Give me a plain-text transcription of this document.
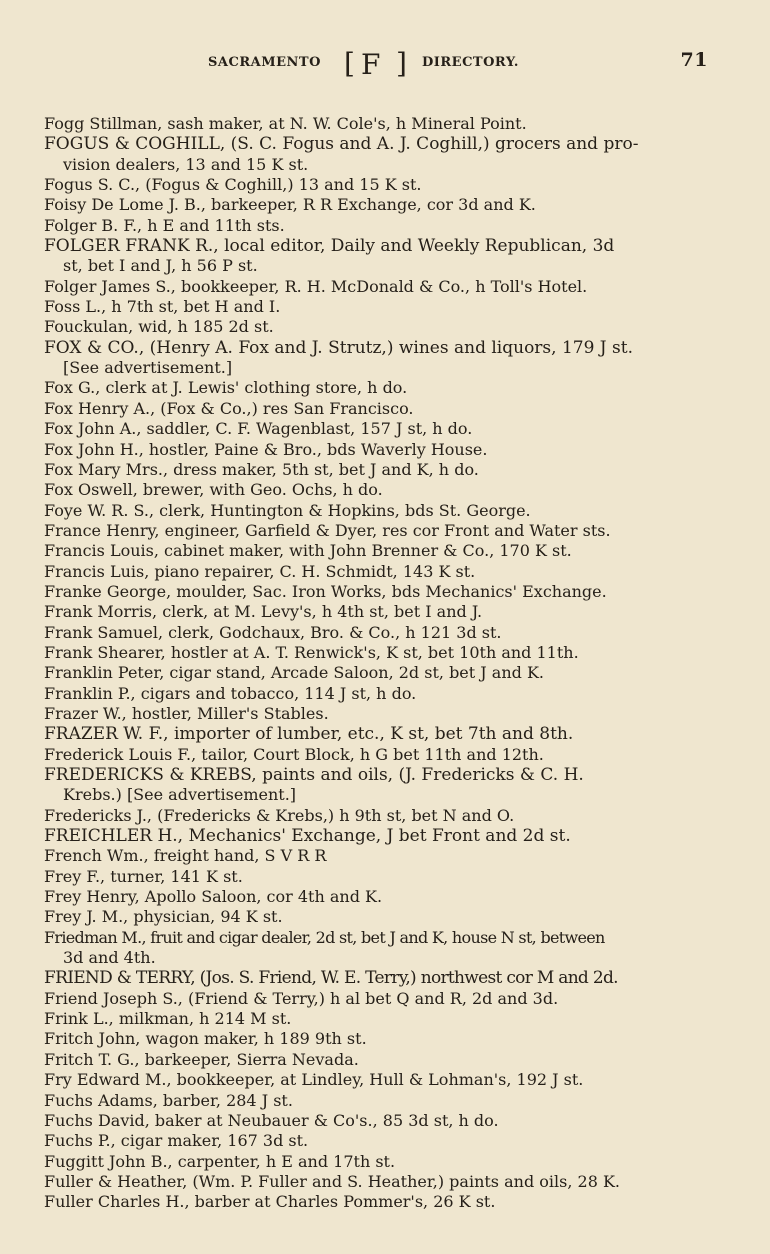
SACRAMENTO [ F ] DIRECTORY.	71
Fogg Stillman, sash maker, at N. W. Cole's, h Mineral Point.
FOGUS & COGHILL, (S. C. Fogus and A. J. Coghill,) grocers and pro-
vision dealers, 13 and 15 K st.
Fogus S. C., (Fogus & Coghill,) 13 and 15 K st.
Foisy De Lome J. B., barkeeper, R R Exchange, cor 3d and K.
Folger B. F., h E and 11th sts.
FOLGER FRANK R., local editor, Daily and Weekly Republican, 3d
st, bet I and J, h 56 P st.
Folger James S., bookkeeper, R. H. McDonald & Co., h Toll's Hotel.
Foss L., h 7th st, bet H and I.
Fouckulan, wid, h 185 2d st.
FOX & CO., (Henry A. Fox and J. Strutz,) wines and liquors, 179 J st.
[See advertisement.]
Fox G., clerk at J. Lewis' clothing store, h do.
Fox Henry A., (Fox & Co.,) res San Francisco.
Fox John A., saddler, C. F. Wagenblast, 157 J st, h do.
Fox John H., hostler, Paine & Bro., bds Waverly House.
Fox Mary Mrs., dress maker, 5th st, bet J and K, h do.
Fox Oswell, brewer, with Geo. Ochs, h do.
Foye W. R. S., clerk, Huntington & Hopkins, bds St. George.
France Henry, engineer, Garfield & Dyer, res cor Front and Water sts.
Francis Louis, cabinet maker, with John Brenner & Co., 170 K st.
Francis Luis, piano repairer, C. H. Schmidt, 143 K st.
Franke George, moulder, Sac. Iron Works, bds Mechanics' Exchange.
Frank Morris, clerk, at M. Levy's, h 4th st, bet I and J.
Frank Samuel, clerk, Godchaux, Bro. & Co., h 121 3d st.
Frank Shearer, hostler at A. T. Renwick's, K st, bet 10th and 11th.
Franklin Peter, cigar stand, Arcade Saloon, 2d st, bet J and K.
Franklin P., cigars and tobacco, 114 J st, h do.
Frazer W., hostler, Miller's Stables.
FRAZER W. F., importer of lumber, etc., K st, bet 7th and 8th.
Frederick Louis F., tailor, Court Block, h G bet 11th and 12th.
FREDERICKS & KREBS, paints and oils, (J. Fredericks & C. H.
Krebs.) [See advertisement.]
Fredericks J., (Fredericks & Krebs,) h 9th st, bet N and O.
FREICHLER H., Mechanics' Exchange, J bet Front and 2d st.
French Wm., freight hand, S V R R
Frey F., turner, 141 K st.
Frey Henry, Apollo Saloon, cor 4th and K.
Frey J. M., physician, 94 K st.
Friedman M., fruit and cigar dealer, 2d st, bet J and K, house N st, between
3d and 4th.
FRIEND & TERRY, (Jos. S. Friend, W. E. Terry,) northwest cor M and 2d.
Friend Joseph S., (Friend & Terry,) h al bet Q and R, 2d and 3d.
Frink L., milkman, h 214 M st.
Fritch John, wagon maker, h 189 9th st.
Fritch T. G., barkeeper, Sierra Nevada.
Fry Edward M., bookkeeper, at Lindley, Hull & Lohman's, 192 J st.
Fuchs Adams, barber, 284 J st.
Fuchs David, baker at Neubauer & Co's., 85 3d st, h do.
Fuchs P., cigar maker, 167 3d st.
Fuggitt John B., carpenter, h E and 17th st.
Fuller & Heather, (Wm. P. Fuller and S. Heather,) paints and oils, 28 K.
Fuller Charles H., barber at Charles Pommer's, 26 K st.
